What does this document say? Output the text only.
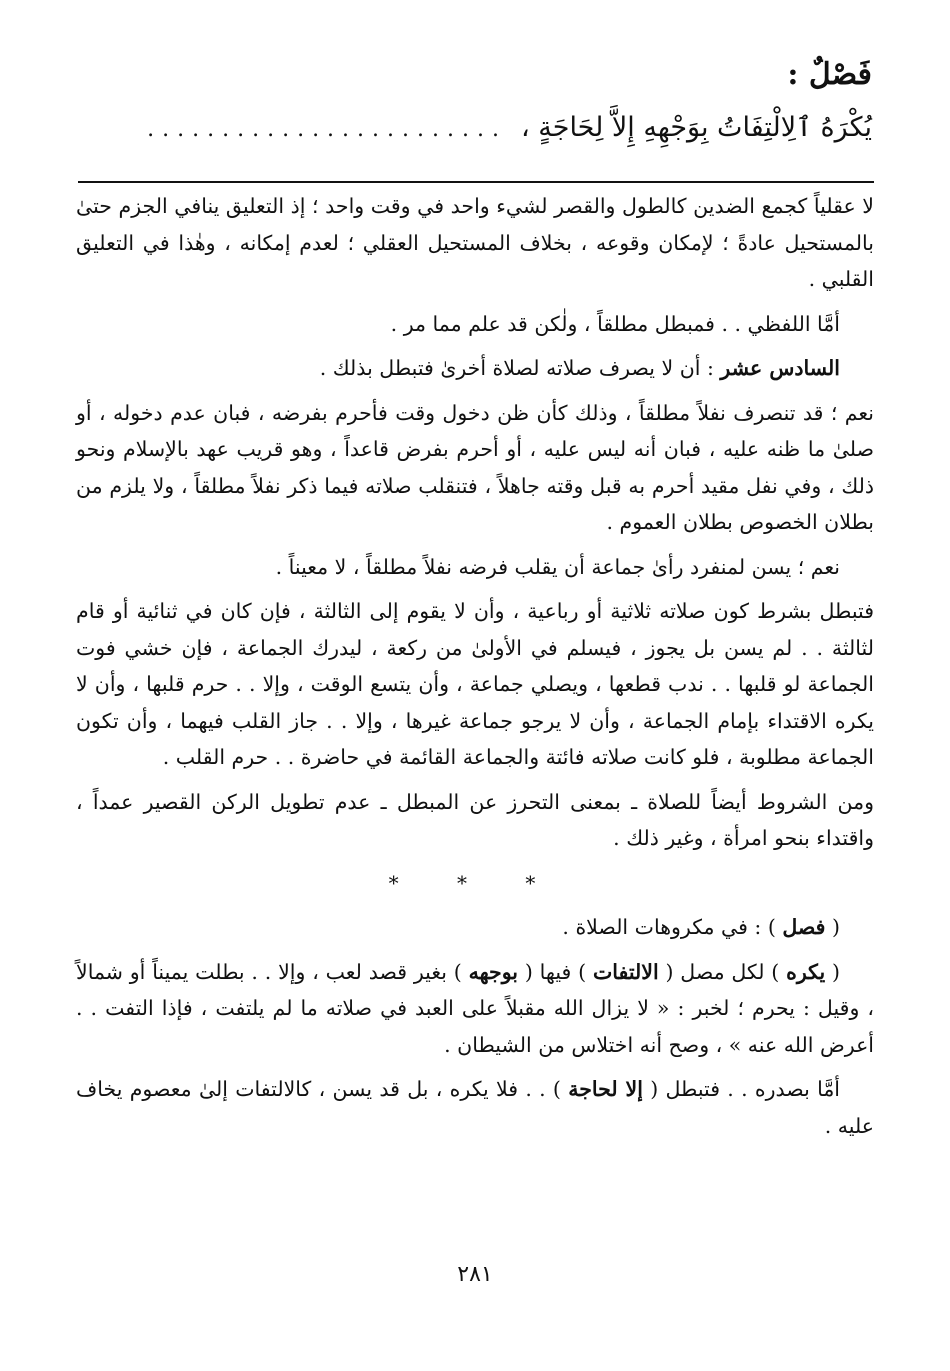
فَصْلٌ :
يُكْرَهُ ٱلِالْتِفَاتُ بِوَجْهِهِ إِلاَّ لِحَاجَةٍ ،........................

لا عقلياً كجمع الضدين كالطول والقصر لشيء واحد في وقت واحد ؛ إذ التعليق ينافي الجزم حتىٰ بالمستحيل عادةً ؛ لإمكان وقوعه ، بخلاف المستحيل العقلي ؛ لعدم إمكانه ، وهٰذا في التعليق القلبي .

أمَّا اللفظي . . فمبطل مطلقاً ، ولٰكن قد علم مما مر .

السادس عشر : أن لا يصرف صلاته لصلاة أخرىٰ فتبطل بذلك .

نعم ؛ قد تنصرف نفلاً مطلقاً ، وذلك كأن ظن دخول وقت فأحرم بفرضه ، فبان عدم دخوله ، أو صلىٰ ما ظنه عليه ، فبان أنه ليس عليه ، أو أحرم بفرض قاعداً ، وهو قريب عهد بالإسلام ونحو ذلك ، وفي نفل مقيد أحرم به قبل وقته جاهلاً ، فتنقلب صلاته فيما ذكر نفلاً مطلقاً ، ولا يلزم من بطلان الخصوص بطلان العموم .

نعم ؛ يسن لمنفرد رأىٰ جماعة أن يقلب فرضه نفلاً مطلقاً ، لا معيناً .

فتبطل بشرط كون صلاته ثلاثية أو رباعية ، وأن لا يقوم إلى الثالثة ، فإن كان في ثنائية أو قام لثالثة . . لم يسن بل يجوز ، فيسلم في الأولىٰ من ركعة ، ليدرك الجماعة ، فإن خشي فوت الجماعة لو قلبها . . ندب قطعها ، ويصلي جماعة ، وأن يتسع الوقت ، وإلا . . حرم قلبها ، وأن لا يكره الاقتداء بإمام الجماعة ، وأن لا يرجو جماعة غيرها ، وإلا . . جاز القلب فيهما ، وأن تكون الجماعة مطلوبة ، فلو كانت صلاته فائتة والجماعة القائمة في حاضرة . . حرم القلب .

ومن الشروط أيضاً للصلاة ـ بمعنى التحرز عن المبطل ـ عدم تطويل الركن القصير عمداً ، واقتداء بنحو امرأة ، وغير ذلك .

* * *

( فصل ) : في مكروهات الصلاة .

( يكره ) لكل مصل ( الالتفات ) فيها ( بوجهه ) بغير قصد لعب ، وإلا . . بطلت يميناً أو شمالاً ، وقيل : يحرم ؛ لخبر : « لا يزال الله مقبلاً على العبد في صلاته ما لم يلتفت ، فإذا التفت . . أعرض الله عنه » ، وصح أنه اختلاس من الشيطان .

أمَّا بصدره . . فتبطل ( إلا لحاجة ) . . فلا يكره ، بل قد يسن ، كالالتفات إلىٰ معصوم يخاف عليه .

٢٨١
